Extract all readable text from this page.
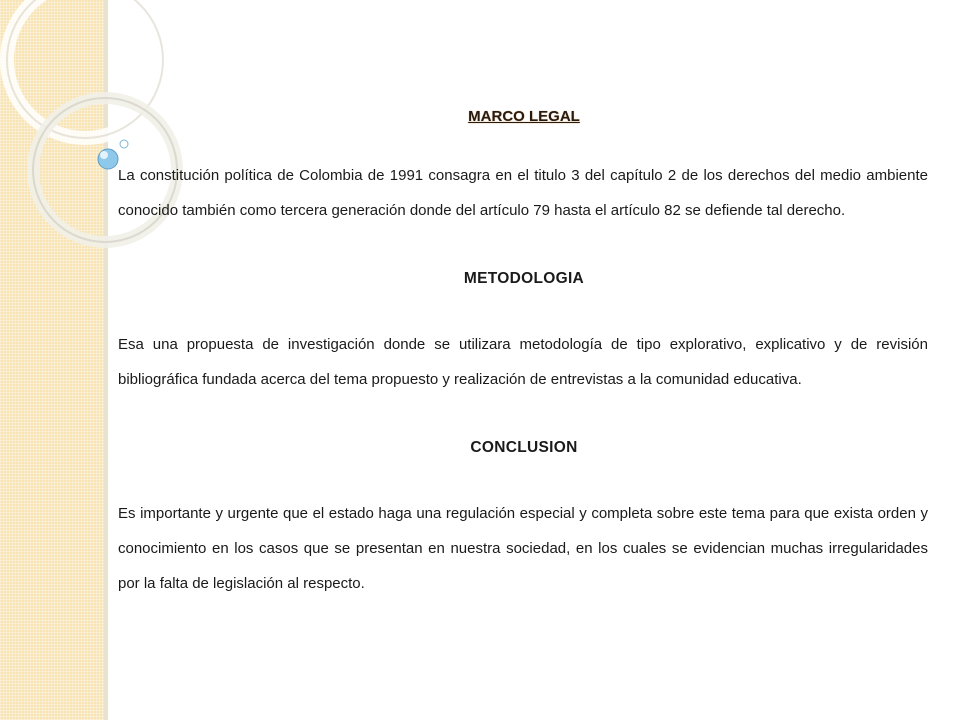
MARCO LEGAL

La constitución política de Colombia de 1991 consagra en el titulo 3 del capítulo 2 de los derechos del medio ambiente conocido también como tercera generación donde del artículo 79 hasta el artículo 82 se defiende tal derecho.

METODOLOGIA

Esa una propuesta de investigación donde se utilizara metodología de tipo explorativo, explicativo y de revisión bibliográfica fundada acerca del tema propuesto y realización de entrevistas a la comunidad educativa.

CONCLUSION

Es importante y urgente que el estado haga una regulación especial y completa sobre este tema para que exista orden y conocimiento en los casos que se presentan en nuestra sociedad, en los cuales se evidencian muchas irregularidades por la falta de legislación al respecto.
